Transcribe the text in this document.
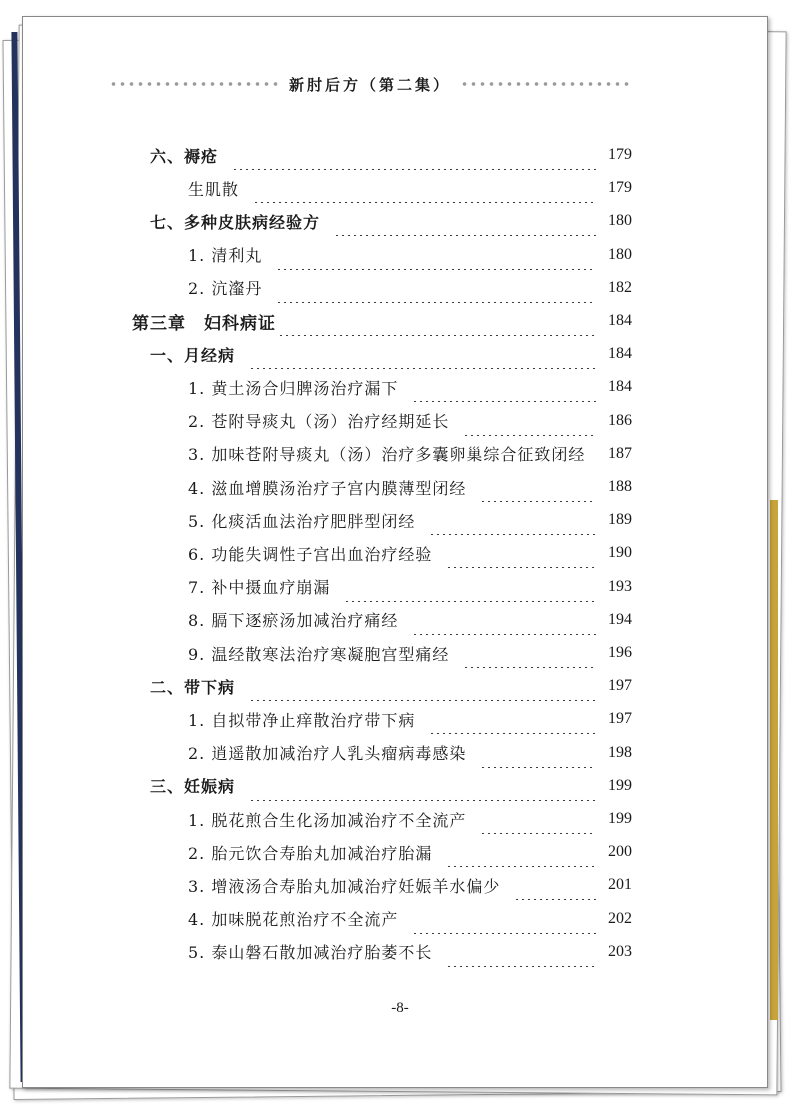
新肘后方（第二集）
六、褥疮	179
生肌散	179
七、多种皮肤病经验方	180
1. 清利丸	180
2. 沆瀣丹	182
第三章　妇科病证	184
一、月经病	184
1. 黄土汤合归脾汤治疗漏下	184
2. 苍附导痰丸（汤）治疗经期延长	186
3. 加味苍附导痰丸（汤）治疗多囊卵巢综合征致闭经 187
4. 滋血增膜汤治疗子宫内膜薄型闭经	188
5. 化痰活血法治疗肥胖型闭经	189
6. 功能失调性子宫出血治疗经验	190
7. 补中摄血疗崩漏	193
8. 膈下逐瘀汤加减治疗痛经	194
9. 温经散寒法治疗寒凝胞宫型痛经	196
二、带下病	197
1. 自拟带净止痒散治疗带下病	197
2. 逍遥散加减治疗人乳头瘤病毒感染	198
三、妊娠病	199
1. 脱花煎合生化汤加减治疗不全流产	199
2. 胎元饮合寿胎丸加减治疗胎漏	200
3. 增液汤合寿胎丸加减治疗妊娠羊水偏少	201
4. 加味脱花煎治疗不全流产	202
5. 泰山磐石散加减治疗胎萎不长	203
-8-
